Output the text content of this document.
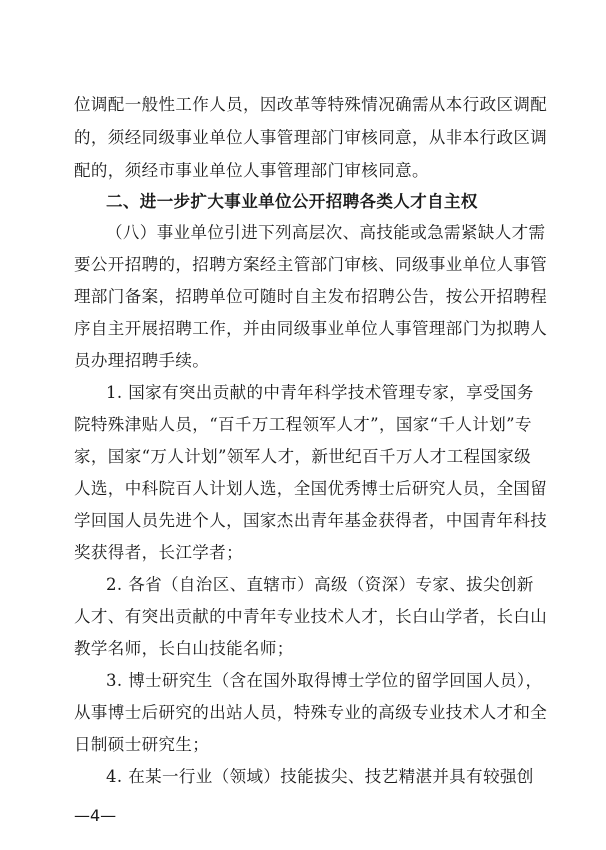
位调配一般性工作人员，因改革等特殊情况确需从本行政区调配
的，须经同级事业单位人事管理部门审核同意，从非本行政区调
配的，须经市事业单位人事管理部门审核同意。
二、进一步扩大事业单位公开招聘各类人才自主权
（八）事业单位引进下列高层次、高技能或急需紧缺人才需
要公开招聘的，招聘方案经主管部门审核、同级事业单位人事管
理部门备案，招聘单位可随时自主发布招聘公告，按公开招聘程
序自主开展招聘工作，并由同级事业单位人事管理部门为拟聘人
员办理招聘手续。
1. 国家有突出贡献的中青年科学技术管理专家，享受国务
院特殊津贴人员，“百千万工程领军人才”，国家“千人计划”专
家，国家“万人计划”领军人才，新世纪百千万人才工程国家级
人选，中科院百人计划人选，全国优秀博士后研究人员，全国留
学回国人员先进个人，国家杰出青年基金获得者，中国青年科技
奖获得者，长江学者；
2. 各省（自治区、直辖市）高级（资深）专家、拔尖创新
人才、有突出贡献的中青年专业技术人才，长白山学者，长白山
教学名师，长白山技能名师；
3. 博士研究生（含在国外取得博士学位的留学回国人员），
从事博士后研究的出站人员，特殊专业的高级专业技术人才和全
日制硕士研究生；
4. 在某一行业（领域）技能拔尖、技艺精湛并具有较强创
—4—
